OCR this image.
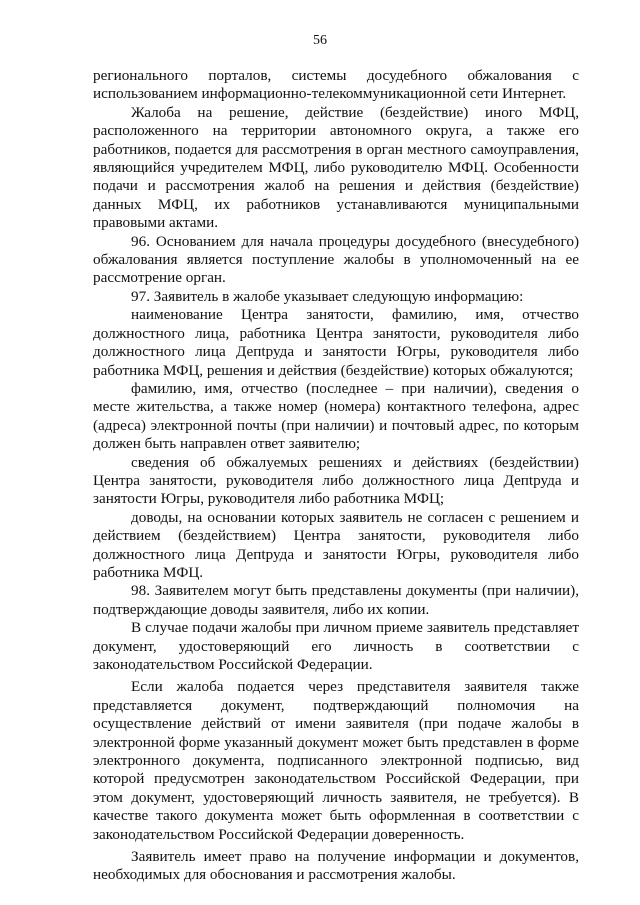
56

регионального порталов, системы досудебного обжалования с использованием информационно-телекоммуникационной сети Интернет.

Жалоба на решение, действие (бездействие) иного МФЦ, расположенного на территории автономного округа, а также его работников, подается для рассмотрения в орган местного самоуправления, являющийся учредителем МФЦ, либо руководителю МФЦ. Особенности подачи и рассмотрения жалоб на решения и действия (бездействие) данных МФЦ, их работников устанавливаются муниципальными правовыми актами.

96. Основанием для начала процедуры досудебного (внесудебного) обжалования является поступление жалобы в уполномоченный на ее рассмотрение орган.

97. Заявитель в жалобе указывает следующую информацию:

наименование Центра занятости, фамилию, имя, отчество должностного лица, работника Центра занятости, руководителя либо должностного лица Депtруда и занятости Югры, руководителя либо работника МФЦ, решения и действия (бездействие) которых обжалуются;

фамилию, имя, отчество (последнее – при наличии), сведения о месте жительства, а также номер (номера) контактного телефона, адрес (адреса) электронной почты (при наличии) и почтовый адрес, по которым должен быть направлен ответ заявителю;

сведения об обжалуемых решениях и действиях (бездействии) Центра занятости, руководителя либо должностного лица Депtруда и занятости Югры, руководителя либо работника МФЦ;

доводы, на основании которых заявитель не согласен с решением и действием (бездействием) Центра занятости, руководителя либо должностного лица Депtруда и занятости Югры, руководителя либо работника МФЦ.

98. Заявителем могут быть представлены документы (при наличии), подтверждающие доводы заявителя, либо их копии.

В случае подачи жалобы при личном приеме заявитель представляет документ, удостоверяющий его личность в соответствии с законодательством Российской Федерации.

Если жалоба подается через представителя заявителя также представляется документ, подтверждающий полномочия на осуществление действий от имени заявителя (при подаче жалобы в электронной форме указанный документ может быть представлен в форме электронного документа, подписанного электронной подписью, вид которой предусмотрен законодательством Российской Федерации, при этом документ, удостоверяющий личность заявителя, не требуется). В качестве такого документа может быть оформленная в соответствии с законодательством Российской Федерации доверенность.

Заявитель имеет право на получение информации и документов, необходимых для обоснования и рассмотрения жалобы.
